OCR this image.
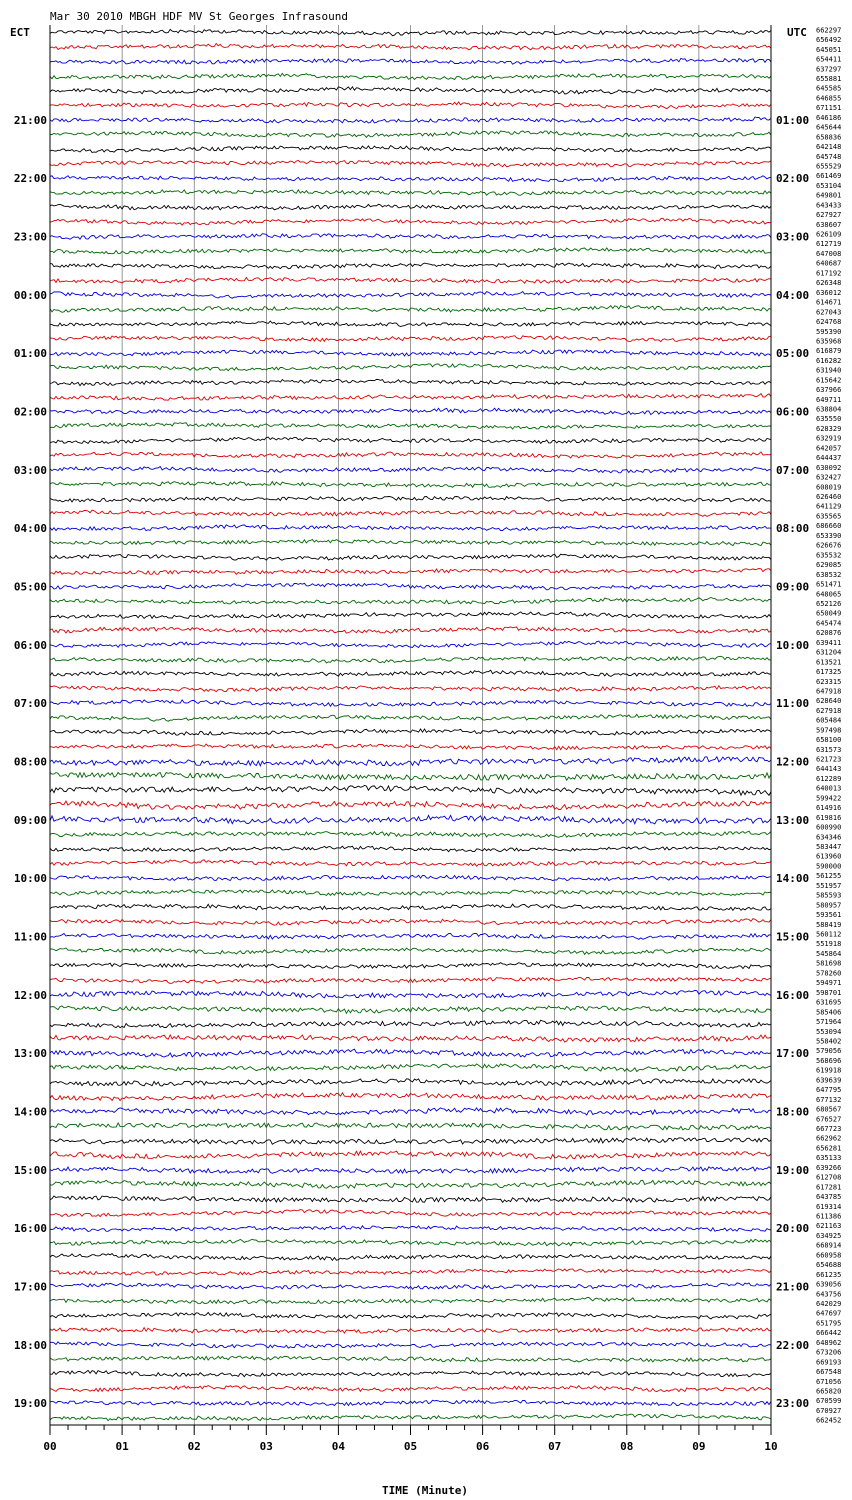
Mar 30 2010 MBGH HDF MV St Georges Infrasound
ECT	UTC
21:00
22:00
23:00
00:00
01:00
02:00
03:00
04:00
05:00
06:00
07:00
08:00
09:00
10:00
11:00
12:00
13:00
14:00
15:00
16:00
17:00
18:00
19:00
01:00
02:00
03:00
04:00
05:00
06:00
07:00
08:00
09:00
10:00
11:00
12:00
13:00
14:00
15:00
16:00
17:00
18:00
19:00
20:00
21:00
22:00
23:00
662297
656492
645051
654411
637297
655881
645585
646855
671151
646186
645644
658836
642148
645748
655529
661469
653104
649801
643433
627927
638607
626109
612719
647008
640687
617192
626348
636012
614671
627043
624768
595390
635968
616879
616282
631940
615642
637966
649711
638804
635550
628329
632919
642057
644437
630092
632427
608019
626460
641129
635565
686660
653390
626676
635532
629085
638532
651471
648065
652126
650049
645474
620876
639411
631204
613521
617325
623315
647918
628640
627918
605484
597498
658100
631573
621723
644143
612289
640013
599422
614916
619816
600990
634346
583447
613960
590000
561255
551957
585593
580957
593561
588419
560112
551918
545864
581698
578260
594971
598701
631695
585406
571964
553094
558402
579056
568696
619918
639639
647795
677132
680567
676527
667723
662962
656281
635133
639266
612708
617281
643785
619314
611386
621163
634925
668914
660958
654688
661235
639056
643756
642029
647697
651795
666442
648962
673206
669193
667548
671056
665820
670599
670927
662452
00	01	02	03	04	05	06	07	08	09	10
TIME (Minute)
